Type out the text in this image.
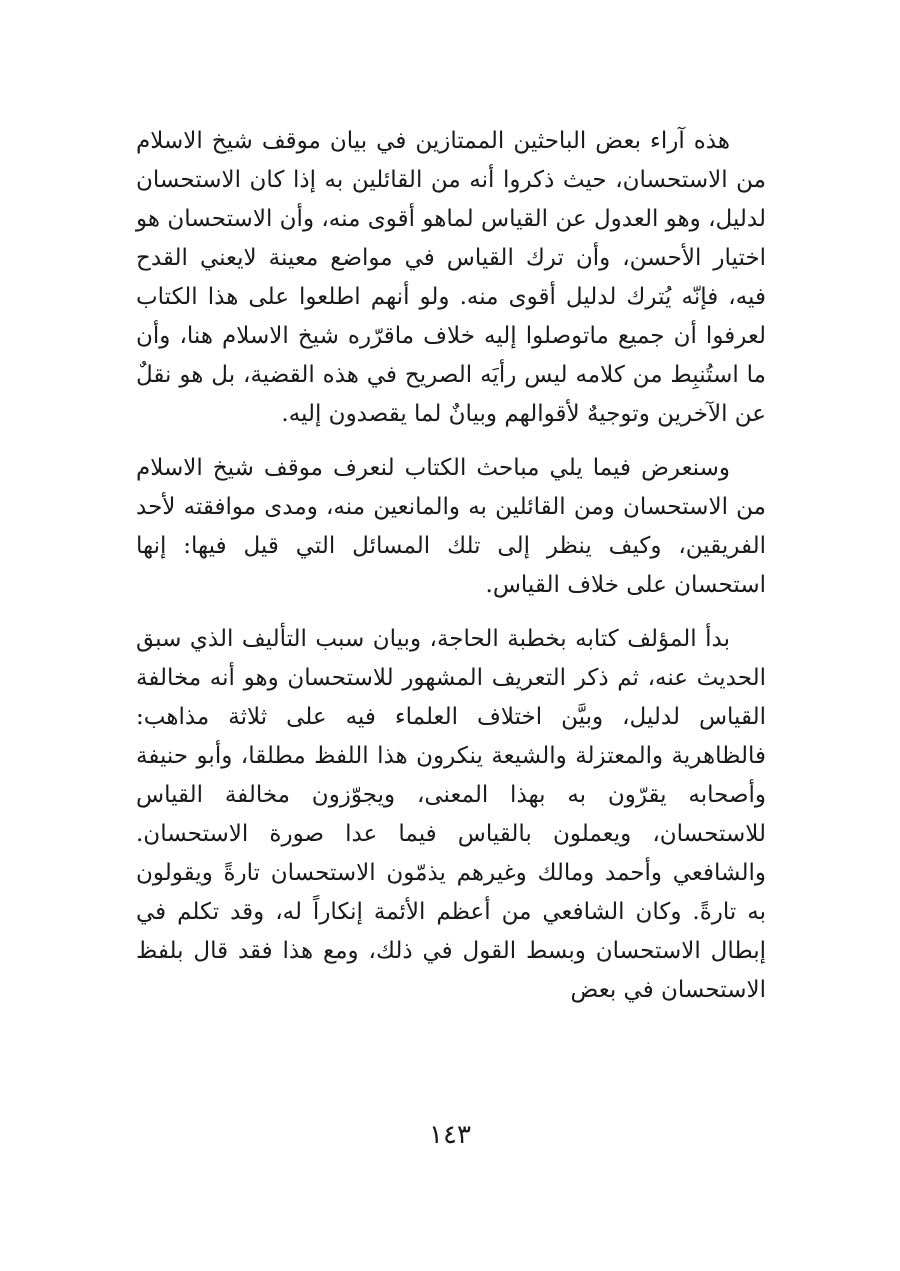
هذه آراء بعض الباحثين الممتازين في بيان موقف شيخ الاسلام من الاستحسان، حيث ذكروا أنه من القائلين به إذا كان الاستحسان لدليل، وهو العدول عن القياس لماهو أقوى منه، وأن الاستحسان هو اختيار الأحسن، وأن ترك القياس في مواضع معينة لايعني القدح فيه، فإنّه يُترك لدليل أقوى منه. ولو أنهم اطلعوا على هذا الكتاب لعرفوا أن جميع ماتوصلوا إليه خلاف ماقرّره شيخ الاسلام هنا، وأن ما استُنبِط من كلامه ليس رأيَه الصريح في هذه القضية، بل هو نقلٌ عن الآخرين وتوجيهٌ لأقوالهم وبيانٌ لما يقصدون إليه.

وسنعرض فيما يلي مباحث الكتاب لنعرف موقف شيخ الاسلام من الاستحسان ومن القائلين به والمانعين منه، ومدى موافقته لأحد الفريقين، وكيف ينظر إلى تلك المسائل التي قيل فيها: إنها استحسان على خلاف القياس.

بدأ المؤلف كتابه بخطبة الحاجة، وبيان سبب التأليف الذي سبق الحديث عنه، ثم ذكر التعريف المشهور للاستحسان وهو أنه مخالفة القياس لدليل، وبيَّن اختلاف العلماء فيه على ثلاثة مذاهب: فالظاهرية والمعتزلة والشيعة ينكرون هذا اللفظ مطلقا، وأبو حنيفة وأصحابه يقرّون به بهذا المعنى، ويجوّزون مخالفة القياس للاستحسان، ويعملون بالقياس فيما عدا صورة الاستحسان. والشافعي وأحمد ومالك وغيرهم يذمّون الاستحسان تارةً ويقولون به تارةً. وكان الشافعي من أعظم الأئمة إنكاراً له، وقد تكلم في إبطال الاستحسان وبسط القول في ذلك، ومع هذا فقد قال بلفظ الاستحسان في بعض

١٤٣
